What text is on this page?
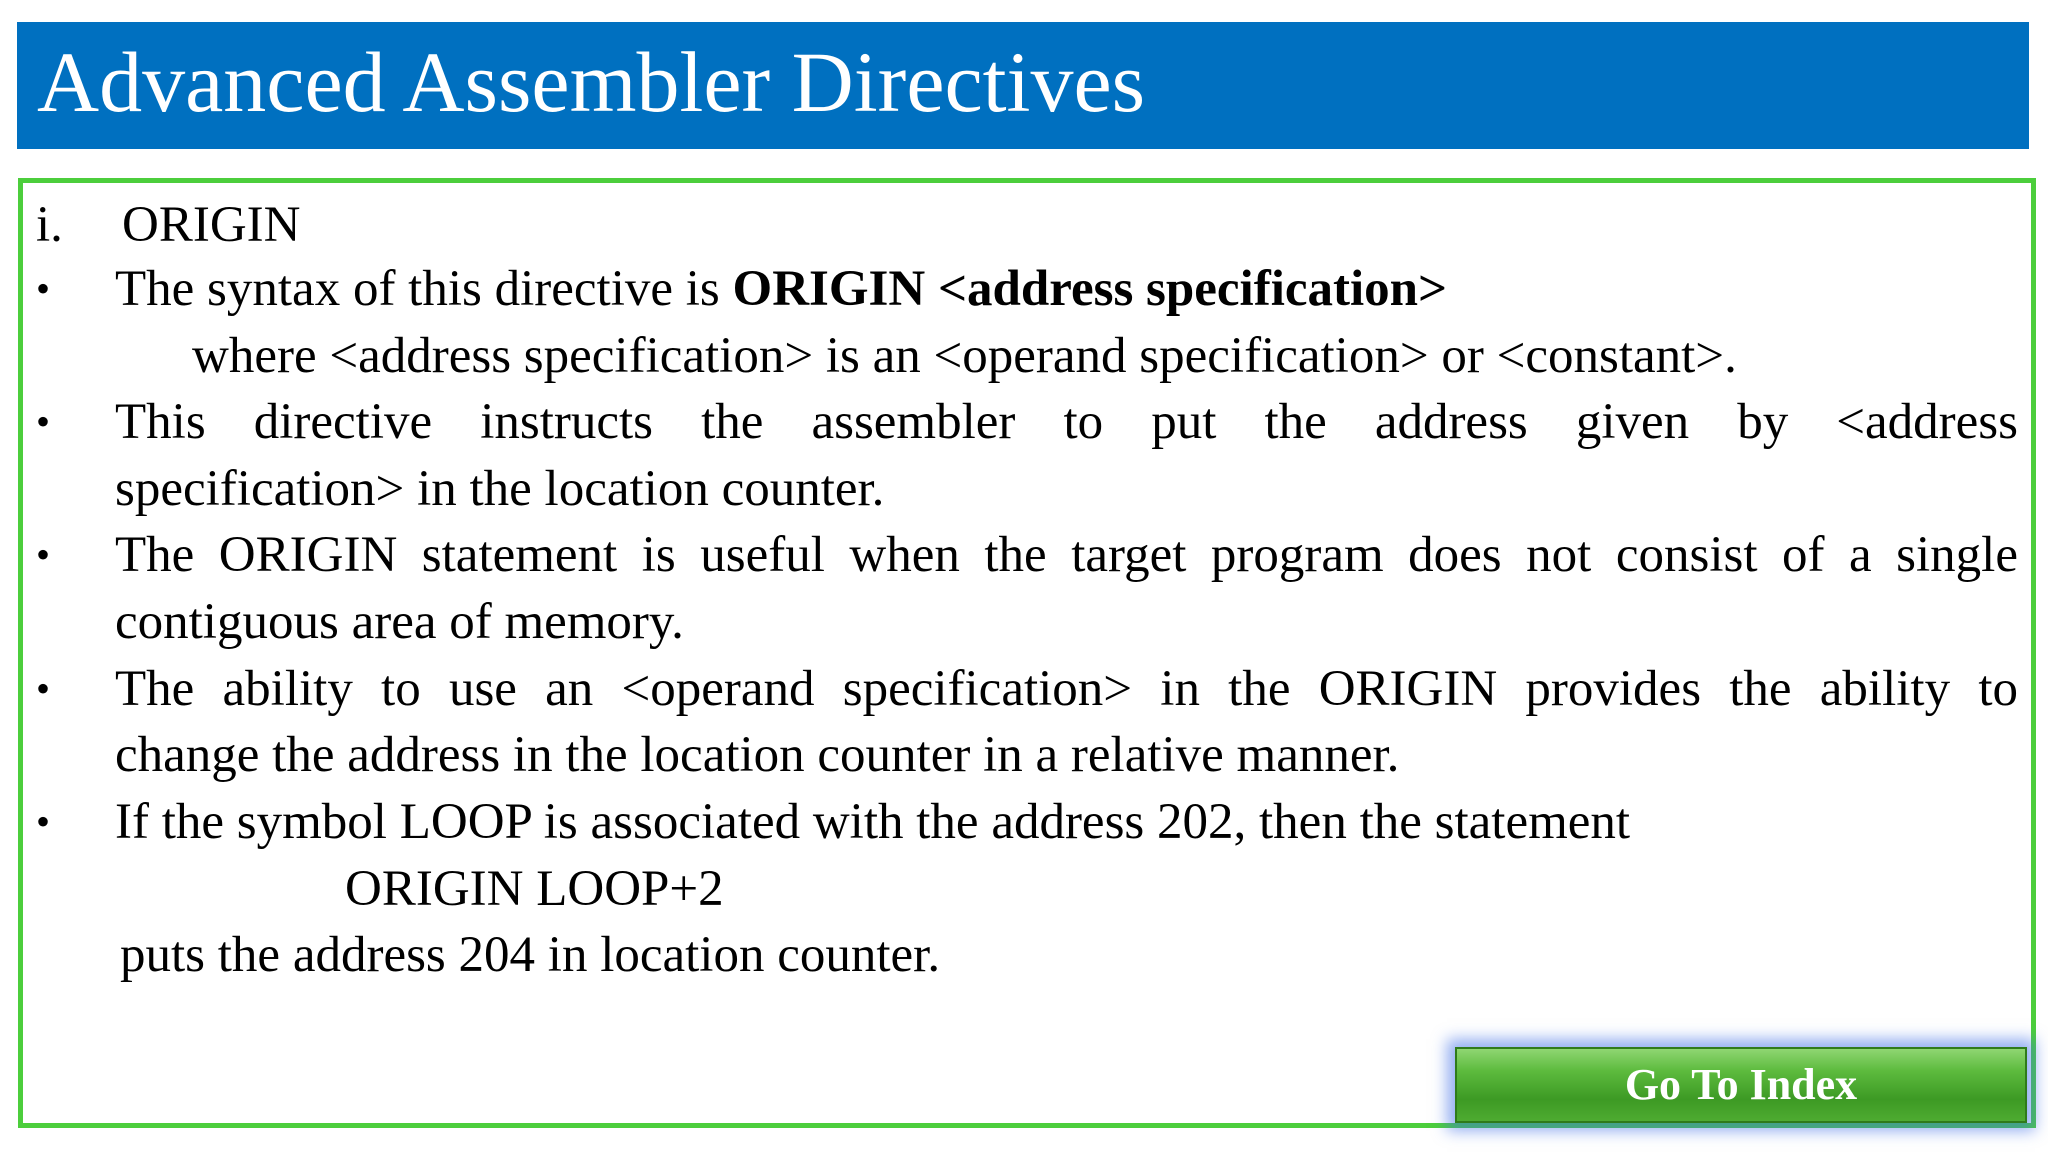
Advanced Assembler Directives
i. ORIGIN
• The syntax of this directive is ORIGIN <address specification>
where <address specification> is an <operand specification> or <constant>.
• This directive instructs the assembler to put the address given by <address
specification> in the location counter.
• The ORIGIN statement is useful when the target program does not consist of a single
contiguous area of memory.
• The ability to use an <operand specification> in the ORIGIN provides the ability to
change the address in the location counter in a relative manner.
• If the symbol LOOP is associated with the address 202, then the statement
ORIGIN LOOP+2
puts the address 204 in location counter.
Go To Index
